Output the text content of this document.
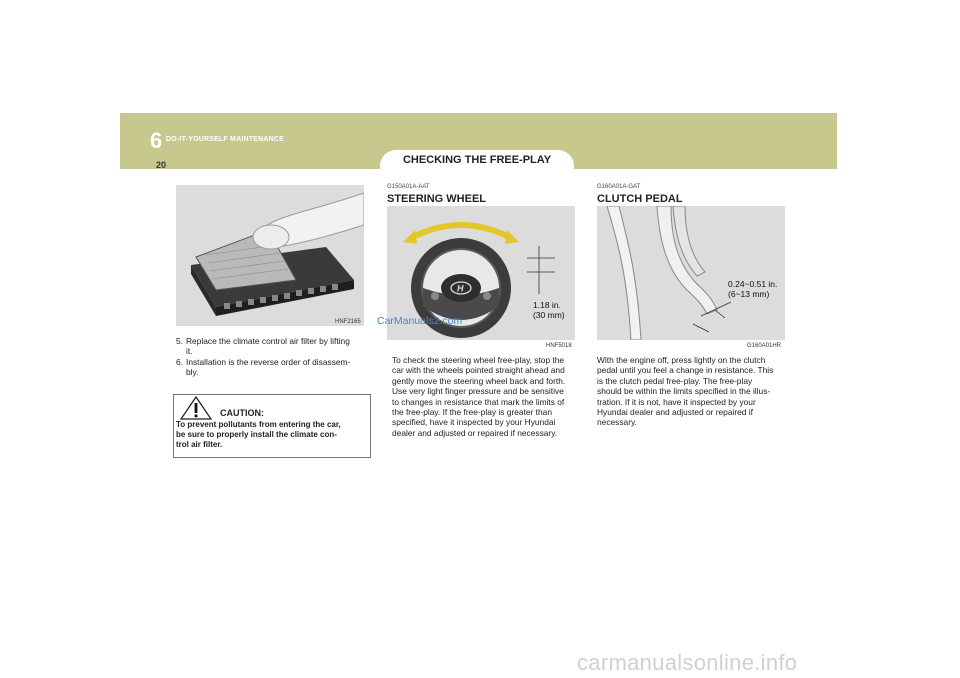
6 DO-IT-YOURSELF MAINTENANCE
20	CHECKING THE FREE-PLAY
HNF2165
5. Replace the climate control air filter by lifting
it.
6. Installation is the reverse order of disassem-
bly.
CAUTION:
To prevent pollutants from entering the car,
be sure to properly install the climate con-
trol air filter.
G150A01A-AAT
STEERING WHEEL
H
1.18 in.
(30 mm)
CarManuals2.com
HNF5018
To check the steering wheel free-play, stop the
car with the wheels pointed straight ahead and
gently move the steering wheel back and forth.
Use very light finger pressure and be sensitive
to changes in resistance that mark the limits of
the free-play. If the free-play is greater than
specified, have it inspected by your Hyundai
dealer and adjusted or repaired if necessary.
G160A01A-GAT
CLUTCH PEDAL
0.24~0.51 in.
(6~13 mm)
G160A01HR
With the engine off, press lightly on the clutch
pedal until you feel a change in resistance. This
is the clutch pedal free-play. The free-play
should be within the limits specified in the illus-
tration. If it is not, have it inspected by your
Hyundai dealer and adjusted or repaired if
necessary.
carmanualsonline.info
